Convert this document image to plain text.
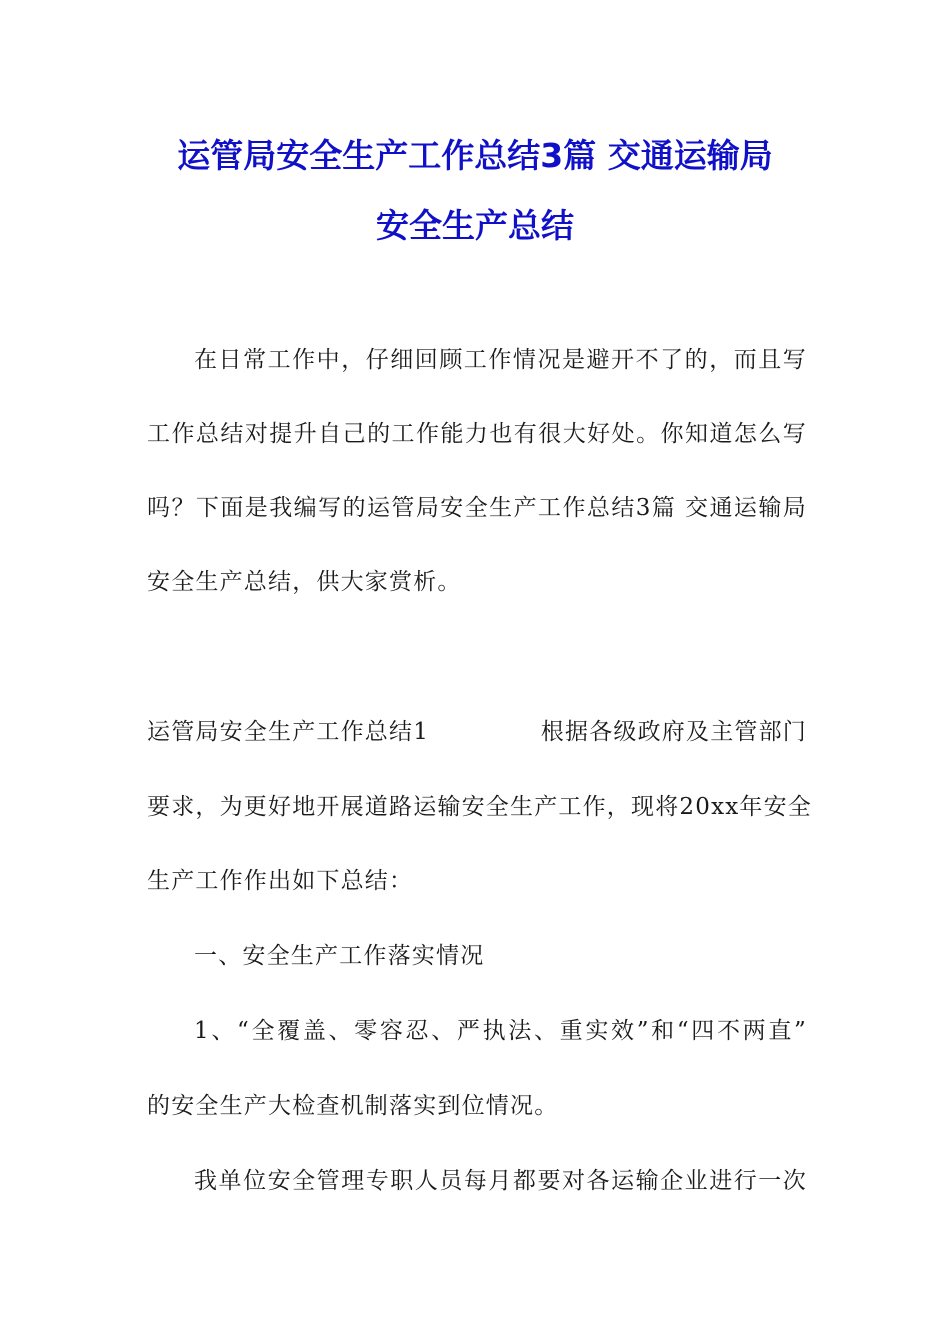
运管局安全生产工作总结3篇 交通运输局
安全生产总结
在日常工作中，仔细回顾工作情况是避开不了的，而且写
工作总结对提升自己的工作能力也有很大好处。你知道怎么写
吗？下面是我编写的运管局安全生产工作总结3篇 交通运输局
安全生产总结，供大家赏析。
运管局安全生产工作总结1	根据各级政府及主管部门
要求，为更好地开展道路运输安全生产工作，现将20xx年安全
生产工作作出如下总结：
一、安全生产工作落实情况
1、“全覆盖、零容忍、严执法、重实效”和“四不两直”
的安全生产大检查机制落实到位情况。
我单位安全管理专职人员每月都要对各运输企业进行一次
